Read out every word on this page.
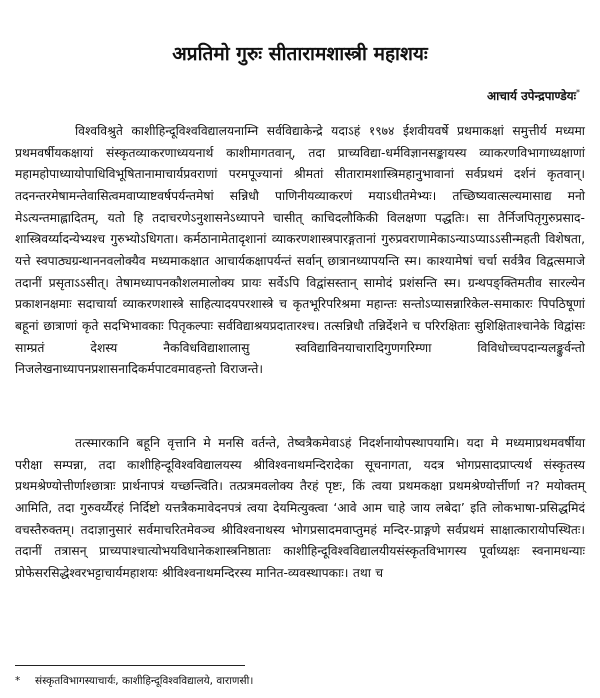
अप्रतिमो गुरुः सीतारामशास्त्री महाशयः
आचार्य उपेन्द्रपाण्डेयः*

विश्वविश्रुते काशीहिन्दूविश्वविद्यालयनाम्नि सर्वविद्याकेन्द्रे यदाऽहं १९७४ ईशवीयवर्षे प्रथमाकक्षां समुत्तीर्य मध्यमा प्रथमवर्षीयकक्षायां संस्कृतव्याकरणाध्ययनार्थ काशीमागतवान्, तदा प्राच्यविद्या-धर्मविज्ञानसङ्कायस्य व्याकरणविभागाध्यक्षाणां महामहोपाध्यायोपाधिविभूषितानामाचार्यप्रवराणां परमपूज्यानां श्रीमतां सीतारामशास्त्रिमहानुभावानां सर्वप्रथमं दर्शनं कृतवान्। तदनन्तरमेषामन्तेवासित्वमवाप्याष्टवर्षपर्यन्तमेषां सन्निधौ पाणिनीयव्याकरणं मयाऽधीतमेभ्यः। तच्छिष्यवात्सल्यमासाद्य मनो मेऽत्यन्तमाह्लादितम्, यतो हि तदाचरणेऽनुशासनेऽध्यापने चासीत् काचिदलौकिकी विलक्षणा पद्धतिः। सा तैर्निजपितृगुरुप्रसाद-शास्त्रिवर्य्यादन्येभ्यश्च गुरुभ्योऽधिगता। कर्मठानामेतादृशानां व्याकरणशास्त्रपारङ्गतानां गुरुप्रवराणामेकाऽन्याऽप्याऽऽसीन्महती विशेषता, यत्ते स्वपाठ्यग्रन्थाननवलोक्यैव मध्यमाकक्षात आचार्यकक्षापर्यन्तं सर्वान् छात्रानध्यापयन्ति स्म। काश्यामेषां चर्चा सर्वत्रैव विद्वत्समाजे तदानीं प्रसृताऽऽसीत्। तेषामध्यापनकौशलमालोक्य प्रायः सर्वेऽपि विद्वांसस्तान् सामोदं प्रशंसन्ति स्म। ग्रन्थपङ्क्तिमतीव सारल्येन प्रकाशनक्षमाः सदाचार्या व्याकरणशास्त्रे साहित्यादयपरशास्त्रे च कृतभूरिपरिश्रमा महान्तः सन्तोऽप्यासन्नारिकेल-समाकारः पिपठिषूणां बहूनां छात्राणां कृते सदभिभावकाः पितृकल्पाः सर्वविद्याश्रयप्रदातारश्च। तत्सन्निधौ तन्निर्देशने च परिरक्षिताः सुशिक्षिताश्चानेके विद्वांसः साम्प्रतं देशस्य नैकविधविद्याशालासु स्वविद्याविनयाचारादिगुणगरिम्णा विविधोच्चपदान्यलङ्कुर्वन्तो निजलेखनाध्यापनप्रशासनादिकर्मपाटवमावहन्तो विराजन्ते।

तत्स्मारकानि बहूनि वृत्तानि मे मनसि वर्तन्ते, तेष्वत्रैकमेवाऽहं निदर्शनायोपस्थापयामि। यदा मे मध्यमाप्रथमवर्षीया परीक्षा सम्पन्ना, तदा काशीहिन्दूविश्वविद्यालयस्य श्रीविश्वनाथमन्दिरादेका सूचनागता, यदत्र भोगप्रसादप्राप्त्यर्थ संस्कृतस्य प्रथमश्रेण्योत्तीर्णाश्छात्राः प्रार्थनापत्रं यच्छन्त्विति। तत्प्रत्रमवलोक्य तैरहं पृष्टः, किं त्वया प्रथमकक्षा प्रथमश्रेण्योर्त्तीर्णा न? मयोक्तम् आमिति, तदा गुरुवर्य्यैरहं निर्दिष्टो यत्तत्रैकमावेदनपत्रं त्वया देयमित्युक्त्वा ‘आवे आम चाहे जाय लबेदा’ इति लोकभाषा-प्रसिद्धमिदं वचस्तैरुक्तम्। तदाज्ञानुसारं सर्वमाचरितमेवञ्च श्रीविश्वनाथस्य भोगप्रसादमवाप्तुमहं मन्दिर-प्राङ्गणे सर्वप्रथमं साक्षात्कारायोपस्थितः। तदानीं तत्रासन् प्राच्यपाश्चात्योभयविधानेकशास्त्रनिष्ठाताः काशीहिन्दूविश्वविद्यालयीयसंस्कृतविभागस्य पूर्वाध्यक्षः स्वनामधन्याः प्रोफेसरसिद्धेश्वरभट्टाचार्यमहाशयः श्रीविश्वनाथमन्दिरस्य मानित-व्यवस्थापकाः। तथा च

* संस्कृतविभागस्याचार्यः, काशीहिन्दूविश्वविद्यालये, वाराणसी।
